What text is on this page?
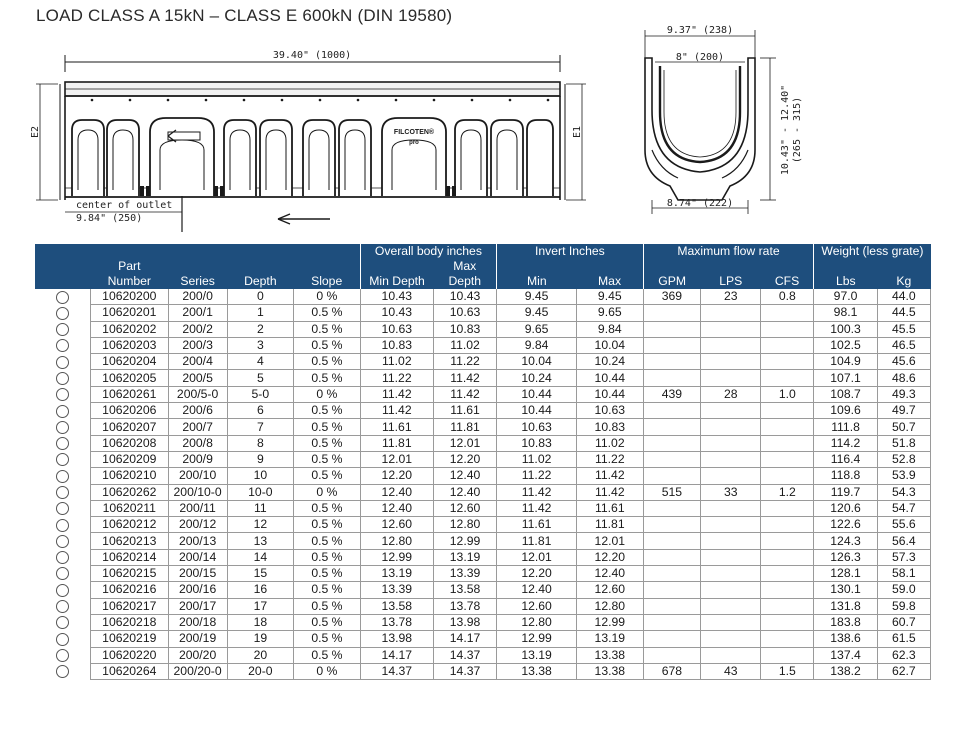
LOAD CLASS A 15kN – CLASS E 600kN (DIN 19580)
39.40" (1000)
FILCOTEN®
pro
E2	E1
center of outlet
9.84" (250)
9.37" (238)
8" (200)
8.74" (222)
10.43" - 12.40" (265 - 315)
					Overall body inches		Invert Inches		Maximum flow rate			Weight (less grate)	
	Part					Max							
	Number	Series	Depth	Slope	Min Depth	Depth	Min	Max	GPM	LPS	CFS	Lbs	Kg
	10620200	200/0	0	0 %	10.43	10.43	9.45	9.45	369	23	0.8	97.0	44.0
	10620201	200/1	1	0.5 %	10.43	10.63	9.45	9.65				98.1	44.5
	10620202	200/2	2	0.5 %	10.63	10.83	9.65	9.84				100.3	45.5
	10620203	200/3	3	0.5 %	10.83	11.02	9.84	10.04				102.5	46.5
	10620204	200/4	4	0.5 %	11.02	11.22	10.04	10.24				104.9	45.6
	10620205	200/5	5	0.5 %	11.22	11.42	10.24	10.44				107.1	48.6
	10620261	200/5-0	5-0	0 %	11.42	11.42	10.44	10.44	439	28	1.0	108.7	49.3
	10620206	200/6	6	0.5 %	11.42	11.61	10.44	10.63				109.6	49.7
	10620207	200/7	7	0.5 %	11.61	11.81	10.63	10.83				111.8	50.7
	10620208	200/8	8	0.5 %	11.81	12.01	10.83	11.02				114.2	51.8
	10620209	200/9	9	0.5 %	12.01	12.20	11.02	11.22				116.4	52.8
	10620210	200/10	10	0.5 %	12.20	12.40	11.22	11.42				118.8	53.9
	10620262	200/10-0	10-0	0 %	12.40	12.40	11.42	11.42	515	33	1.2	119.7	54.3
	10620211	200/11	11	0.5 %	12.40	12.60	11.42	11.61				120.6	54.7
	10620212	200/12	12	0.5 %	12.60	12.80	11.61	11.81				122.6	55.6
	10620213	200/13	13	0.5 %	12.80	12.99	11.81	12.01				124.3	56.4
	10620214	200/14	14	0.5 %	12.99	13.19	12.01	12.20				126.3	57.3
	10620215	200/15	15	0.5 %	13.19	13.39	12.20	12.40				128.1	58.1
	10620216	200/16	16	0.5 %	13.39	13.58	12.40	12.60				130.1	59.0
	10620217	200/17	17	0.5 %	13.58	13.78	12.60	12.80				131.8	59.8
	10620218	200/18	18	0.5 %	13.78	13.98	12.80	12.99				183.8	60.7
	10620219	200/19	19	0.5 %	13.98	14.17	12.99	13.19				138.6	61.5
	10620220	200/20	20	0.5 %	14.17	14.37	13.19	13.38				137.4	62.3
	10620264	200/20-0	20-0	0 %	14.37	14.37	13.38	13.38	678	43	1.5	138.2	62.7
